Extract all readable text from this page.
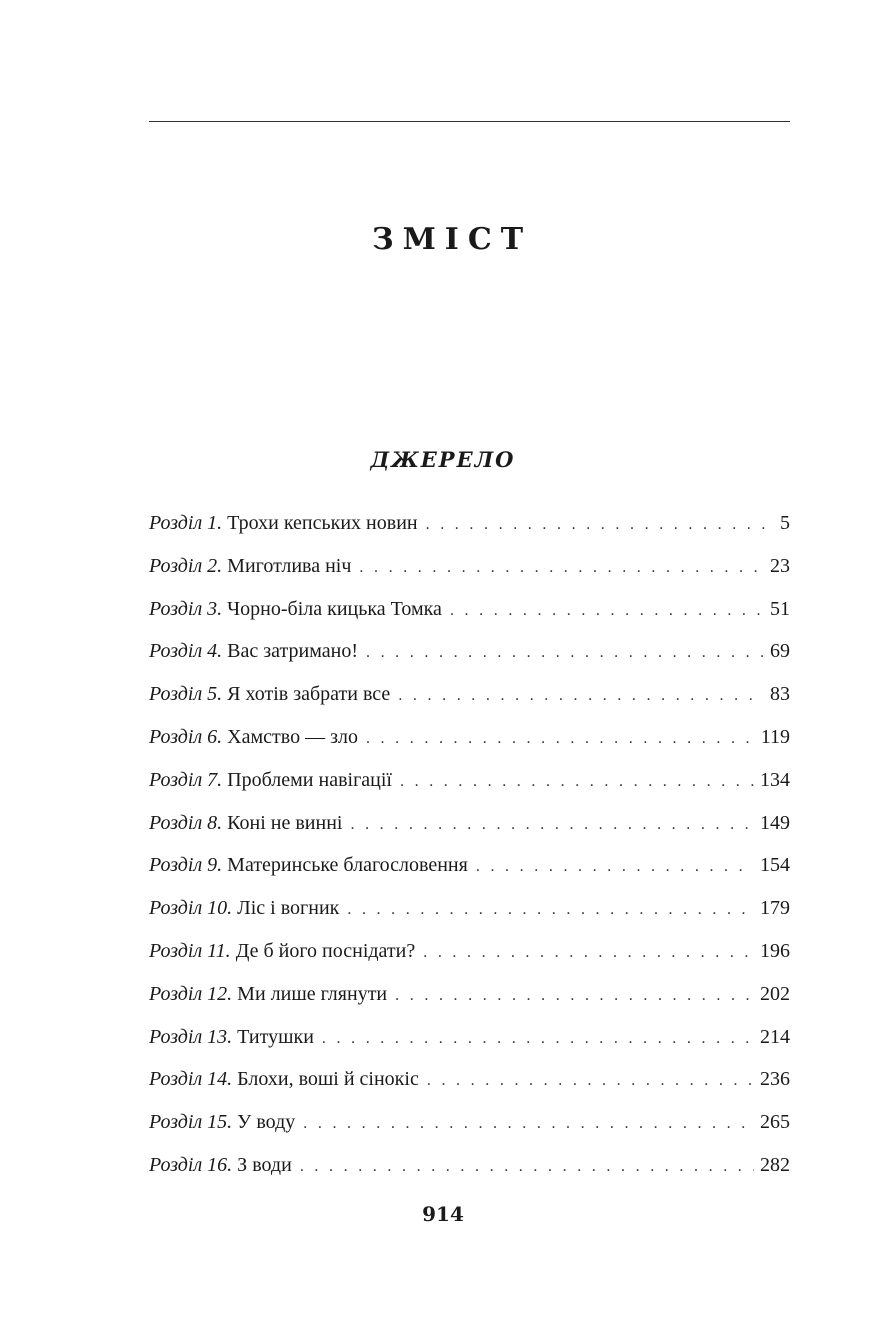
ЗМІСТ
ДЖЕРЕЛО
Розділ 1. Трохи кепських новин . . .	5
Розділ 2. Миготлива ніч . . .	23
Розділ 3. Чорно-біла кицька Томка . . .	51
Розділ 4. Вас затримано! . . .	69
Розділ 5. Я хотів забрати все . . .	83
Розділ 6. Хамство — зло . . .	119
Розділ 7. Проблеми навігації . . .	134
Розділ 8. Коні не винні . . .	149
Розділ 9. Материнське благословення . . .	154
Розділ 10. Ліс і вогник . . .	179
Розділ 11. Де б його поснідати? . . .	196
Розділ 12. Ми лише глянути . . .	202
Розділ 13. Титушки . . .	214
Розділ 14. Блохи, воші й сінокіс . . .	236
Розділ 15. У воду . . .	265
Розділ 16. З води . . .	282
914
